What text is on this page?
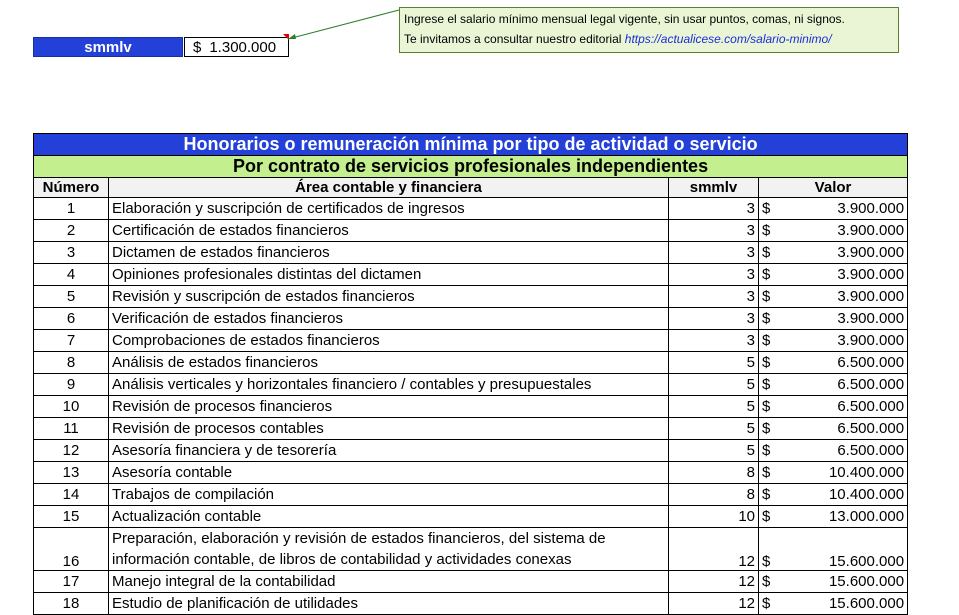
smmlv	$ 1.300.000
Ingrese el salario mínimo mensual legal vigente, sin usar puntos, comas, ni signos.
Te invitamos a consultar nuestro editorial https://actualicese.com/salario-minimo/
Honorarios o remuneración mínima por tipo de actividad o servicio				
Por contrato de servicios profesionales independientes				
Número	Área contable y financiera	smmlv	Valor	
1	Elaboración y suscripción de certificados de ingresos	3	$	3.900.000
2	Certificación de estados financieros	3	$	3.900.000
3	Dictamen de estados financieros	3	$	3.900.000
4	Opiniones profesionales distintas del dictamen	3	$	3.900.000
5	Revisión y suscripción de estados financieros	3	$	3.900.000
6	Verificación de estados financieros	3	$	3.900.000
7	Comprobaciones de estados financieros	3	$	3.900.000
8	Análisis de estados financieros	5	$	6.500.000
9	Análisis verticales y horizontales financiero / contables y presupuestales	5	$	6.500.000
10	Revisión de procesos financieros	5	$	6.500.000
11	Revisión de procesos contables	5	$	6.500.000
12	Asesoría financiera y de tesorería	5	$	6.500.000
13	Asesoría contable	8	$	10.400.000
14	Trabajos de compilación	8	$	10.400.000
15	Actualización contable	10	$	13.000.000
16	Preparación, elaboración y revisión de estados financieros, del sistema de información contable, de libros de contabilidad y actividades conexas	12	$	15.600.000
17	Manejo integral de la contabilidad	12	$	15.600.000
18	Estudio de planificación de utilidades	12	$	15.600.000
